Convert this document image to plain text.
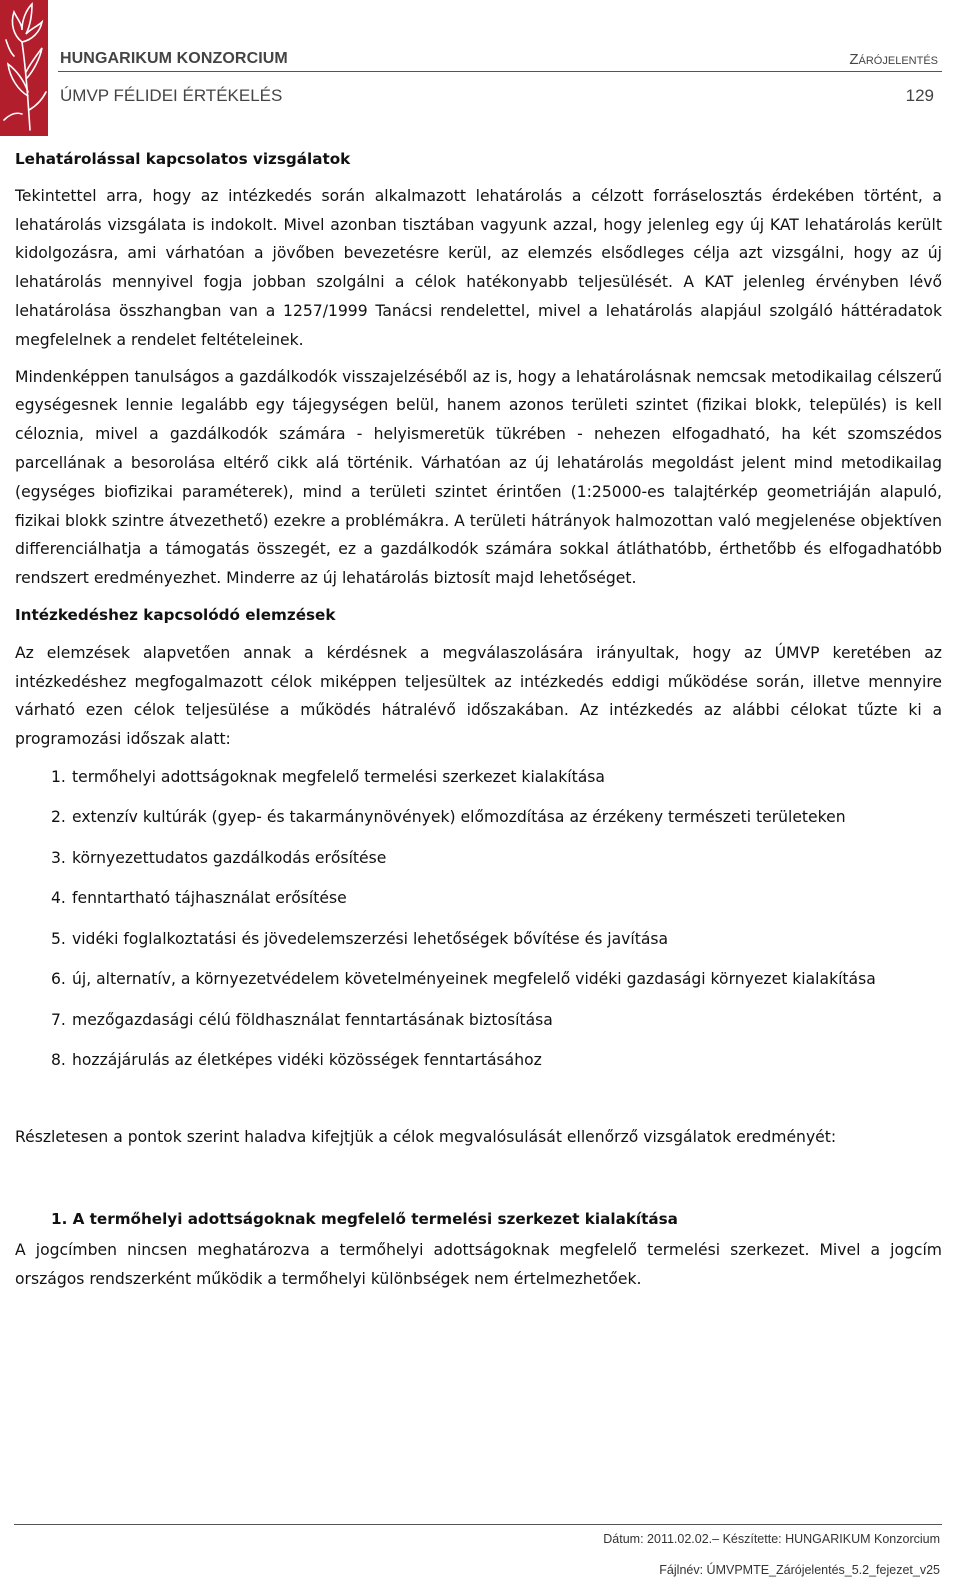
HUNGARIKUM KONZORCIUM	Zárójelentés
ÚMVP FÉLIDEI ÉRTÉKELÉS	129

Lehatárolással kapcsolatos vizsgálatok

Tekintettel arra, hogy az intézkedés során alkalmazott lehatárolás a célzott forráselosztás érdekében történt, a lehatárolás vizsgálata is indokolt. Mivel azonban tisztában vagyunk azzal, hogy jelenleg egy új KAT lehatárolás került kidolgozásra, ami várhatóan a jövőben bevezetésre kerül, az elemzés elsődleges célja azt vizsgálni, hogy az új lehatárolás mennyivel fogja jobban szolgálni a célok hatékonyabb teljesülését. A KAT jelenleg érvényben lévő lehatárolása összhangban van a 1257/1999 Tanácsi rendelettel, mivel a lehatárolás alapjául szolgáló háttéradatok megfelelnek a rendelet feltételeinek.

Mindenképpen tanulságos a gazdálkodók visszajelzéséből az is, hogy a lehatárolásnak nemcsak metodikailag célszerű egységesnek lennie legalább egy tájegységen belül, hanem azonos területi szintet (fizikai blokk, település) is kell céloznia, mivel a gazdálkodók számára - helyismeretük tükrében - nehezen elfogadható, ha két szomszédos parcellának a besorolása eltérő cikk alá történik. Várhatóan az új lehatárolás megoldást jelent mind metodikailag (egységes biofizikai paraméterek), mind a területi szintet érintően (1:25000-es talajtérkép geometriáján alapuló, fizikai blokk szintre átvezethető) ezekre a problémákra. A területi hátrányok halmozottan való megjelenése objektíven differenciálhatja a támogatás összegét, ez a gazdálkodók számára sokkal átláthatóbb, érthetőbb és elfogadhatóbb rendszert eredményezhet. Minderre az új lehatárolás biztosít majd lehetőséget.

Intézkedéshez kapcsolódó elemzések

Az elemzések alapvetően annak a kérdésnek a megválaszolására irányultak, hogy az ÚMVP keretében az intézkedéshez megfogalmazott célok miképpen teljesültek az intézkedés eddigi működése során, illetve mennyire várható ezen célok teljesülése a működés hátralévő időszakában. Az intézkedés az alábbi célokat tűzte ki a programozási időszak alatt:

1. termőhelyi adottságoknak megfelelő termelési szerkezet kialakítása
2. extenzív kultúrák (gyep- és takarmánynövények) előmozdítása az érzékeny természeti területeken
3. környezettudatos gazdálkodás erősítése
4. fenntartható tájhasználat erősítése
5. vidéki foglalkoztatási és jövedelemszerzési lehetőségek bővítése és javítása
6. új, alternatív, a környezetvédelem követelményeinek megfelelő vidéki gazdasági környezet kialakítása
7. mezőgazdasági célú földhasználat fenntartásának biztosítása
8. hozzájárulás az életképes vidéki közösségek fenntartásához

Részletesen a pontok szerint haladva kifejtjük a célok megvalósulását ellenőrző vizsgálatok eredményét:

1. A termőhelyi adottságoknak megfelelő termelési szerkezet kialakítása

A jogcímben nincsen meghatározva a termőhelyi adottságoknak megfelelő termelési szerkezet. Mivel a jogcím országos rendszerként működik a termőhelyi különbségek nem értelmezhetőek.

Dátum: 2011.02.02.– Készítette: HUNGARIKUM Konzorcium
Fájlnév: ÚMVPMTE_Zárójelentés_5.2_fejezet_v25
